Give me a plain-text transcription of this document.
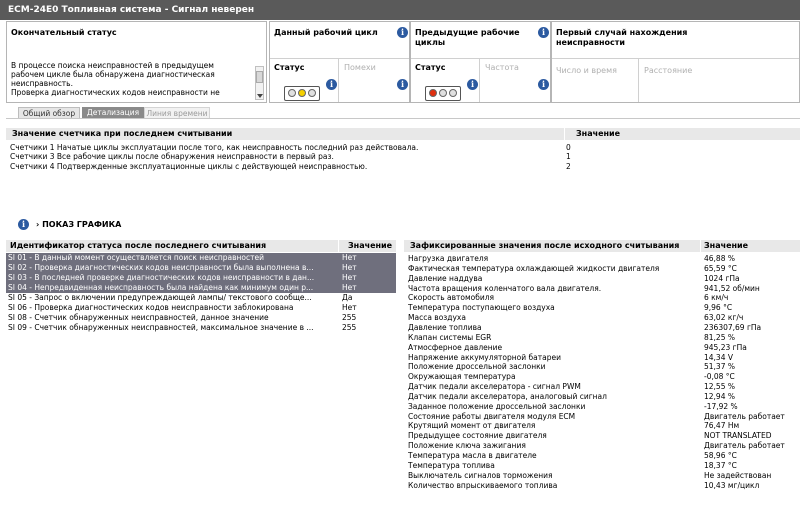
ECM-24E0 Топливная система - Сигнал неверен
Окончательный статус
В процессе поиска неисправностей в предыдущем
рабочем цикле была обнаружена диагностическая
неисправность.
Проверка диагностических кодов неисправности не
Данный рабочий цикл	i
Статус	Помехи
i	i
Предыдущие рабочие
циклы
i
Статус	Частота
i	i
Первый случай нахождения
неисправности
Число и время	Расстояние
Общий обзор	Детализация Линия времени
Значение счетчика при последнем считывании	Значение
Счетчики 1 Начатые циклы эксплуатации после того, как неисправность последний раз действовала.	0
Счетчики 3 Все рабочие циклы после обнаружения неисправности в первый раз.	1
Счетчики 4 Подтвержденные эксплуатационные циклы с действующей неисправностью.	2
i	› ПОКАЗ ГРАФИКА
Идентификатор статуса после последнего считывания	Значение
SI 01 - В данный момент осуществляется поиск неисправностей	Нет
SI 02 - Проверка диагностических кодов неисправности была выполнена в...	Нет
SI 03 - В последней проверке диагностических кодов неисправности в дан...	Нет
SI 04 - Непредвиденная неисправность была найдена как минимум один р...	Нет
SI 05 - Запрос о включении предупреждающей лампы/ текстового сообще...	Да
SI 06 - Проверка диагностических кодов неисправности заблокирована	Нет
SI 08 - Счетчик обнаруженных неисправностей, данное значение	255
SI 09 - Счетчик обнаруженных неисправностей, максимальное значение в ...	255
Зафиксированные значения после исходного считывания	Значение
Нагрузка двигателя	46,88 %
Фактическая температура охлаждающей жидкости двигателя	65,59 °C
Давление наддува	1024 гПа
Частота вращения коленчатого вала двигателя.	941,52 об/мин
Скорость автомобиля	6 км/ч
Температура поступающего воздуха	9,96 °C
Масса воздуха	63,02 кг/ч
Давление топлива	236307,69 гПа
Клапан системы EGR	81,25 %
Атмосферное давление	945,23 гПа
Напряжение аккумуляторной батареи	14,34 V
Положение дроссельной заслонки	51,37 %
Окружающая температура	-0,08 °C
Датчик педали акселератора - сигнал PWM	12,55 %
Датчик педали акселератора, аналоговый сигнал	12,94 %
Заданное положение дроссельной заслонки	-17,92 %
Состояние работы двигателя модуля ECM	Двигатель работает
Крутящий момент от двигателя	76,47 Нм
Предыдущее состояние двигателя	NOT TRANSLATED
Положение ключа зажигания	Двигатель работает
Температура масла в двигателе	58,96 °C
Температура топлива	18,37 °C
Выключатель сигналов торможения	Не задействован
Количество впрыскиваемого топлива	10,43 мг/цикл
